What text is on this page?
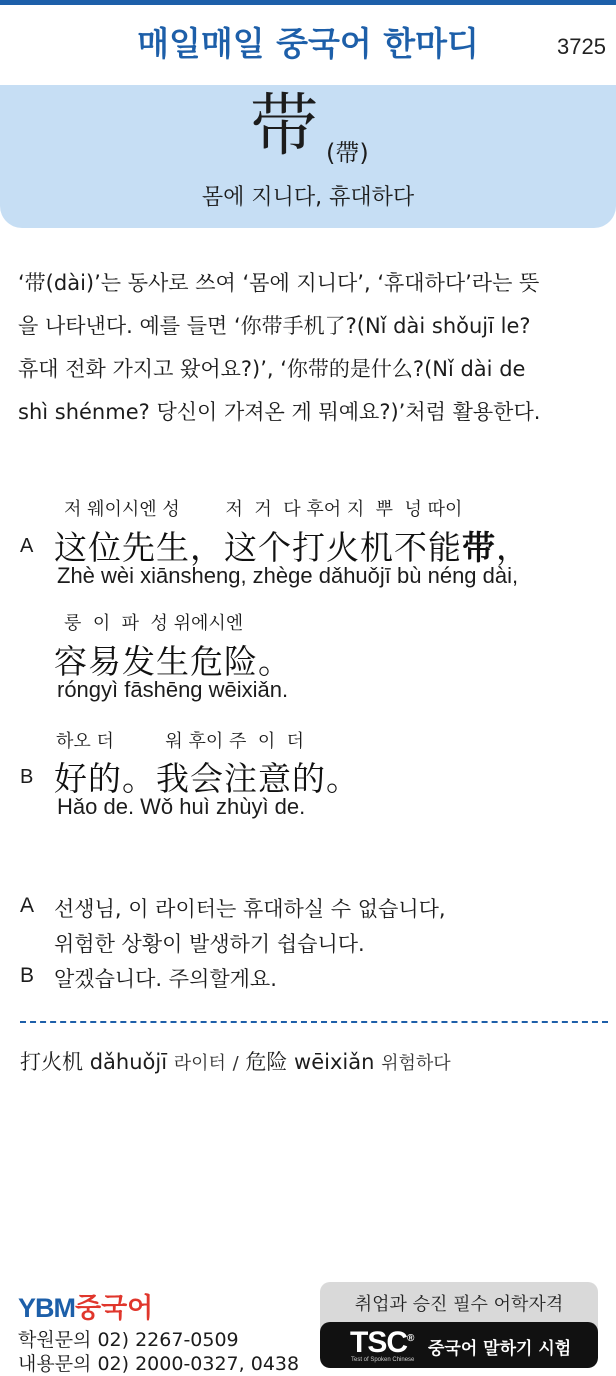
매일매일 중국어 한마디	3725
带 (帶)
몸에 지니다, 휴대하다
‘带(dài)’는 동사로 쓰여 ‘몸에 지니다’, ‘휴대하다’라는 뜻
을 나타낸다. 예를 들면 ‘你带手机了?(Nǐ dài shǒujī le?
휴대 전화 가지고 왔어요?)’, ‘你带的是什么?(Nǐ dài de
shì shénme? 당신이 가져온 게 뭐예요?)’처럼 활용한다.
저 웨이시엔 성        저  거  다 후어 지  뿌  넝 따이
A 这位先生，这个打火机不能带，
Zhè wèi xiānsheng, zhège dǎhuǒjī bù néng dài,
룽  이  파  성 위에시엔
容易发生危险。
róngyì fāshēng wēixiǎn.
하오 더         워 후이 주  이  더
B 好的。我会注意的。
Hǎo de. Wǒ huì zhùyì de.
A 선생님, 이 라이터는 휴대하실 수 없습니다,
위험한 상황이 발생하기 쉽습니다.
B 알겠습니다. 주의할게요.
打火机 dǎhuǒjī 라이터 / 危险 wēixiǎn 위험하다
YBM중국어
학원문의 02) 2267-0509
내용문의 02) 2000-0327, 0438
취업과 승진 필수 어학자격
TSC®
Test of Spoken Chinese
중국어 말하기 시험
